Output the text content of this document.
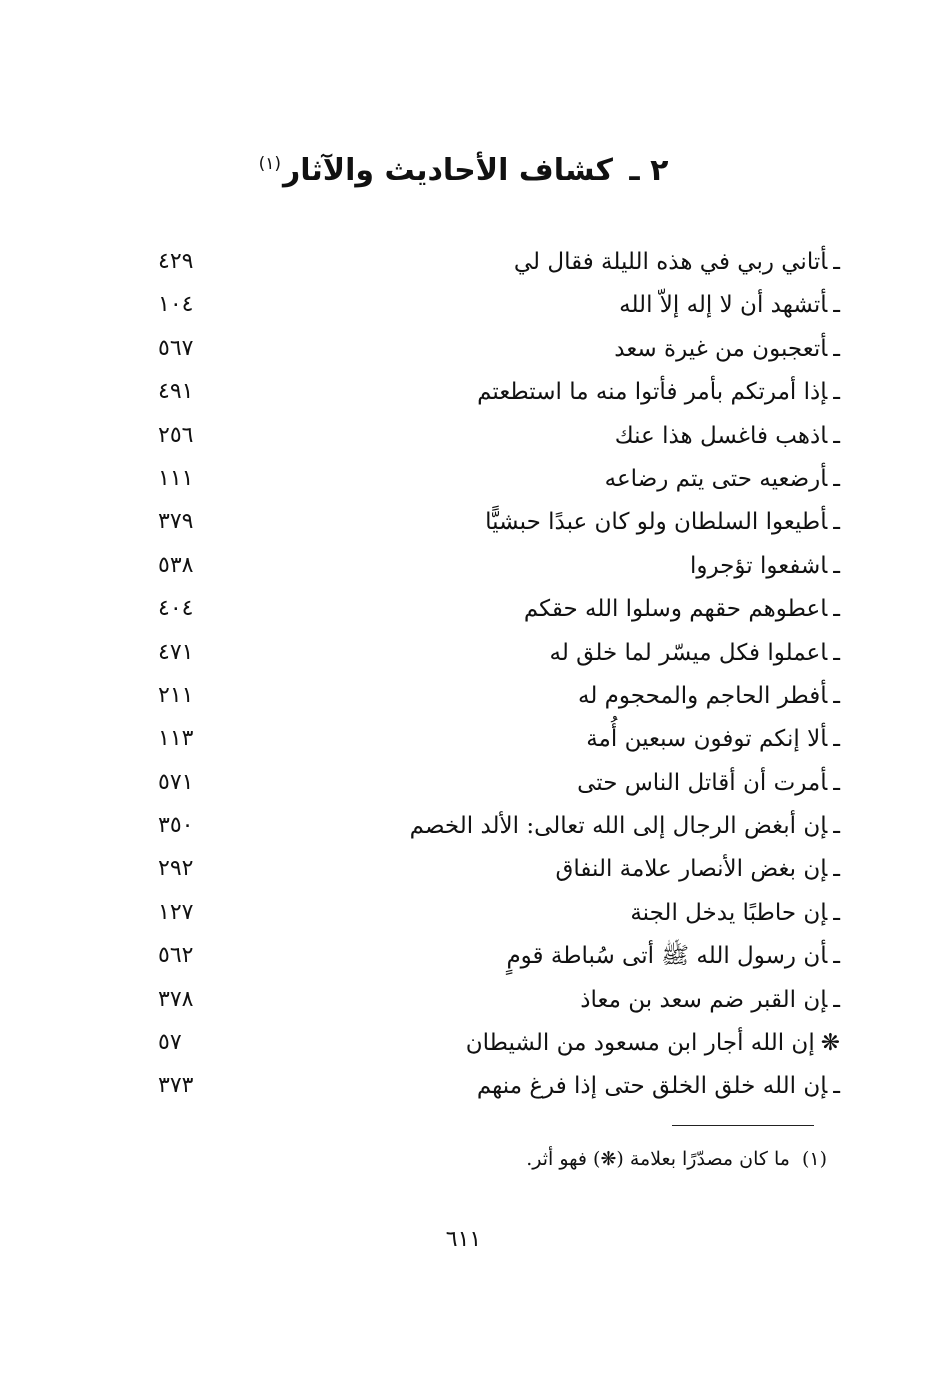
٢ ـ كشاف الأحاديث والآثار$^{(١)}$
ـأتاني ربي في هذه الليلة فقال لي
٤٢٩
ـأتشهد أن لا إله إلاّ الله
١٠٤
ـأتعجبون من غيرة سعد
٥٦٧
ـإذا أمرتكم بأمر فأتوا منه ما استطعتم
٤٩١
ـاذهب فاغسل هذا عنك
٢٥٦
ـأرضعيه حتى يتم رضاعه
١١١
ـأطيعوا السلطان ولو كان عبدًا حبشيًّا
٣٧٩
ـاشفعوا تؤجروا
٥٣٨
ـاعطوهم حقهم وسلوا الله حقكم
٤٠٤
ـاعملوا فكل ميسّر لما خلق له
٤٧١
ـأفطر الحاجم والمحجوم له
٢١١
ـألا إنكم توفون سبعين أُمة
١١٣
ـأمرت أن أقاتل الناس حتى
٥٧١
ـإن أبغض الرجال إلى الله تعالى: الألد الخصم
٣٥٠
ـإن بغض الأنصار علامة النفاق
٢٩٢
ـإن حاطبًا يدخل الجنة
١٢٧
ـأن رسول الله ﷺ أتى سُباطة قومٍ
٥٦٢
ـإن القبر ضم سعد بن معاذ
٣٧٨
❋إن الله أجار ابن مسعود من الشيطان
٥٧
ـإن الله خلق الخلق حتى إذا فرغ منهم
٣٧٣
(١)ما كان مصدّرًا بعلامة (❋) فهو أثر.
٦١١
